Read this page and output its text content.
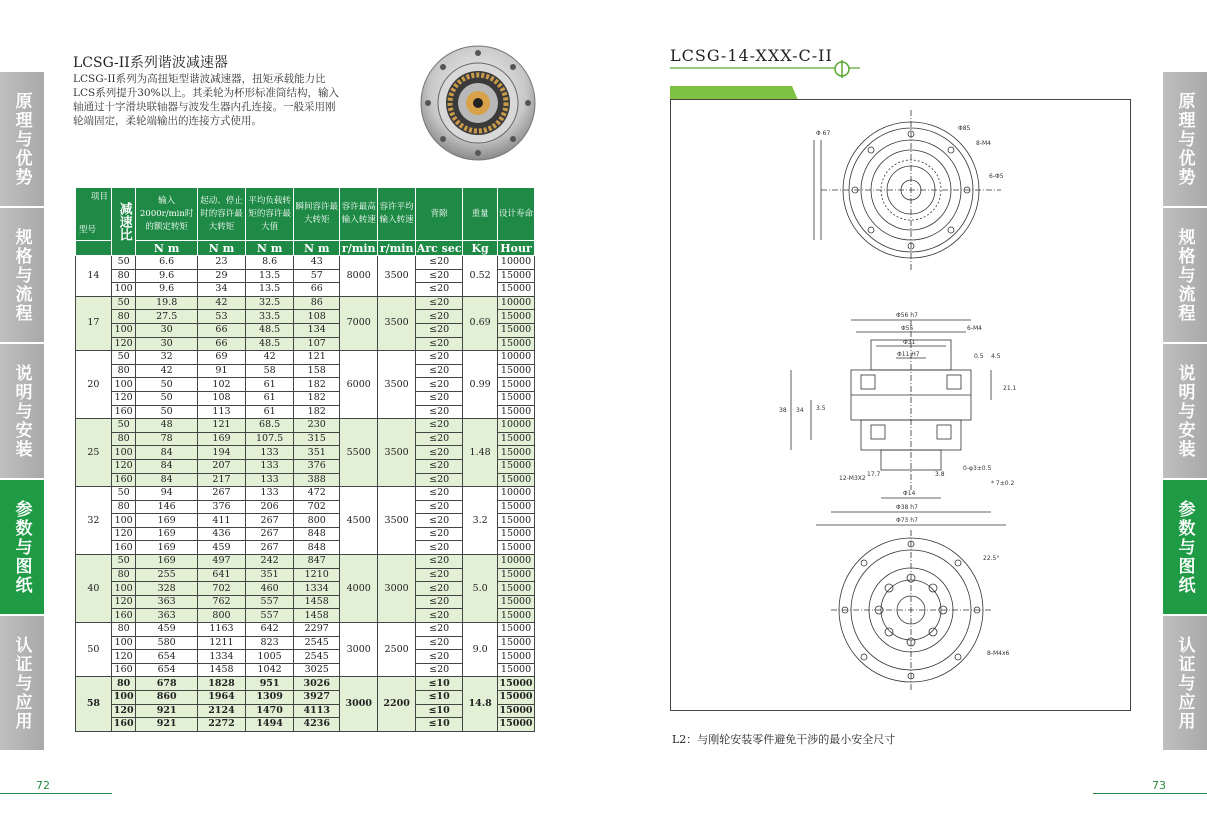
LCSG-II系列谐波减速器
LCSG-II系列为高扭矩型谐波减速器，扭矩承载能力比LCS系列提升30%以上。其柔轮为杯形标准筒结构，输入轴通过十字滑块联轴器与波发生器内孔连接。一般采用刚轮端固定，柔轮端输出的连接方式使用。
项目
型号	减速比	输入2000r/min时的额定转矩	起动、停止时的容许最大转矩	平均负载转矩的容许最大值	瞬间容许最大转矩	容许最高输入转速	容许平均输入转速	背隙	重量	设计寿命
		N m	N m	N m	N m	r/min	r/min	Arc sec	Kg	Hour
14	50	6.6	23	8.6	43	8000	3500	≤20	0.52	10000
	80	9.6	29	13.5	57			≤20		15000
	100	9.6	34	13.5	66			≤20		15000
17	50	19.8	42	32.5	86	7000	3500	≤20	0.69	10000
	80	27.5	53	33.5	108			≤20		15000
	100	30	66	48.5	134			≤20		15000
	120	30	66	48.5	107			≤20		15000
20	50	32	69	42	121	6000	3500	≤20	0.99	10000
	80	42	91	58	158			≤20		15000
	100	50	102	61	182			≤20		15000
	120	50	108	61	182			≤20		15000
	160	50	113	61	182			≤20		15000
25	50	48	121	68.5	230	5500	3500	≤20	1.48	10000
	80	78	169	107.5	315			≤20		15000
	100	84	194	133	351			≤20		15000
	120	84	207	133	376			≤20		15000
	160	84	217	133	388			≤20		15000
32	50	94	267	133	472	4500	3500	≤20	3.2	10000
	80	146	376	206	702			≤20		15000
	100	169	411	267	800			≤20		15000
	120	169	436	267	848			≤20		15000
	160	169	459	267	848			≤20		15000
40	50	169	497	242	847	4000	3000	≤20	5.0	10000
	80	255	641	351	1210			≤20		15000
	100	328	702	460	1334			≤20		15000
	120	363	762	557	1458			≤20		15000
	160	363	800	557	1458			≤20		15000
50	80	459	1163	642	2297	3000	2500	≤20	9.0	15000
	100	580	1211	823	2545			≤20		15000
	120	654	1334	1005	2545			≤20		15000
	160	654	1458	1042	3025			≤20		15000
58	80	678	1828	951	3026	3000	2200	≤10	14.8	15000
	100	860	1964	1309	3927			≤10		15000
	120	921	2124	1470	4113			≤10		15000
	160	921	2272	1494	4236			≤10		15000
72
原理与优势
规格与流程
说明与安装
参数与图纸
认证与应用
LCSG-14-XXX-C-II
Φ85
8-M4
6-Φ5
Φ 67
Φ56 h7
Φ55
Φ31
Φ11 H7	0.5 4.5
Φ38 h7
Φ73 h7
Φ14
12-M3X2
3.8
21.1
17.7
3.5
34
38
0-φ3±0.5
* 7±0.2
6-M4
22.5°
8-M4x6
L2：与刚轮安装零件避免干涉的最小安全尺寸
73
原理与优势
规格与流程
说明与安装
参数与图纸
认证与应用
